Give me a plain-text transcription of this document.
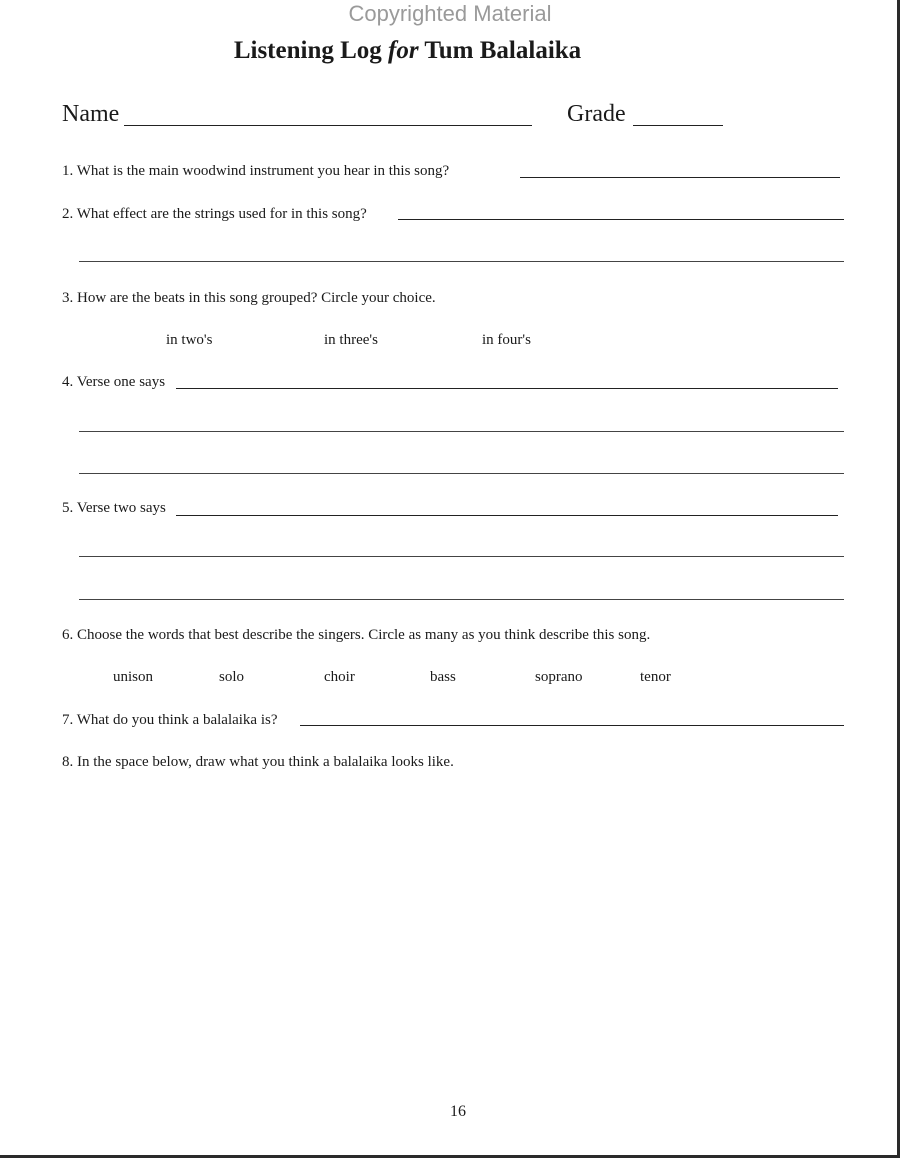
Copyrighted Material
Listening Log for Tum Balalaika
Name	Grade
1. What is the main woodwind instrument you hear in this song?
2. What effect are the strings used for in this song?
3. How are the beats in this song grouped? Circle your choice.
in two's	in three's	in four's
4. Verse one says
5. Verse two says
6. Choose the words that best describe the singers. Circle as many as you think describe this song.
unison	solo	choir	bass	soprano	tenor
7. What do you think a balalaika is?
8. In the space below, draw what you think a balalaika looks like.
16
